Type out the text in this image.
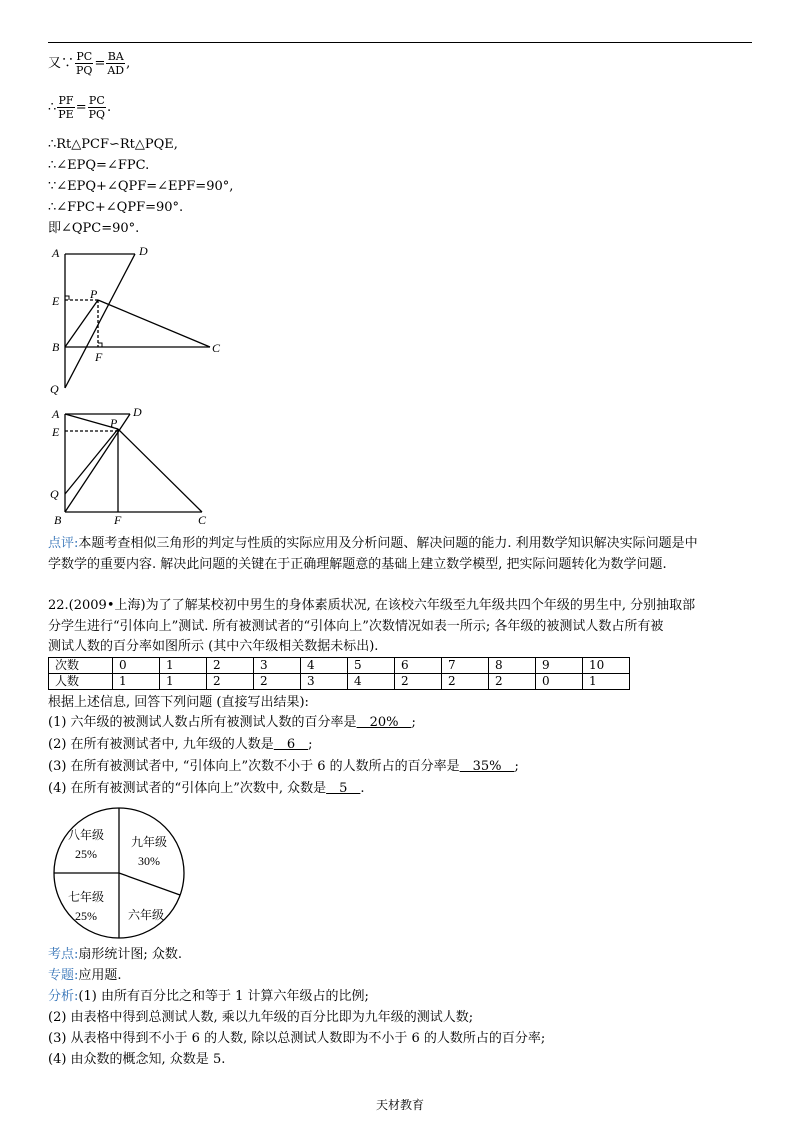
又∵ $\frac{PC}{PQ} = \frac{BA}{AD}$ ,
∴ $\frac{PF}{PE} = \frac{PC}{PQ}$ .
∴Rt△PCF∽Rt△PQE,
∴∠EPQ=∠FPC.
∵∠EPQ+∠QPF=∠EPF=90°,
∴∠FPC+∠QPF=90°.
即∠QPC=90°.
A	D
E	P
B
F
C
Q
A	D
E
P
Q
B	F	C
点评:本题考查相似三角形的判定与性质的实际应用及分析问题、解决问题的能力. 利用数学知识解决实际问题是中
学数学的重要内容. 解决此问题的关键在于正确理解题意的基础上建立数学模型, 把实际问题转化为数学问题.
22.(2009•上海)为了了解某校初中男生的身体素质状况, 在该校六年级至九年级共四个年级的男生中, 分别抽取部
分学生进行“引体向上”测试. 所有被测试者的“引体向上”次数情况如表一所示; 各年级的被测试人数占所有被
测试人数的百分率如图所示 (其中六年级相关数据未标出).
次数	0	1	2	3	4	5	6	7	8	9	10
人数	1	1	2	2	3	4	2	2	2	0	1
根据上述信息, 回答下列问题 (直接写出结果):
(1) 六年级的被测试人数占所有被测试人数的百分率是　20%　;
(2) 在所有被测试者中, 九年级的人数是　6　;
(3) 在所有被测试者中, “引体向上”次数不小于 6 的人数所占的百分率是　35%　;
(4) 在所有被测试者的“引体向上”次数中, 众数是　5　.
八年级
25%
九年级
30%
七年级
25%	六年级
考点:扇形统计图; 众数.
专题:应用题.
分析:(1) 由所有百分比之和等于 1 计算六年级占的比例;
(2) 由表格中得到总测试人数, 乘以九年级的百分比即为九年级的测试人数;
(3) 从表格中得到不小于 6 的人数, 除以总测试人数即为不小于 6 的人数所占的百分率;
(4) 由众数的概念知, 众数是 5.
天材教育
